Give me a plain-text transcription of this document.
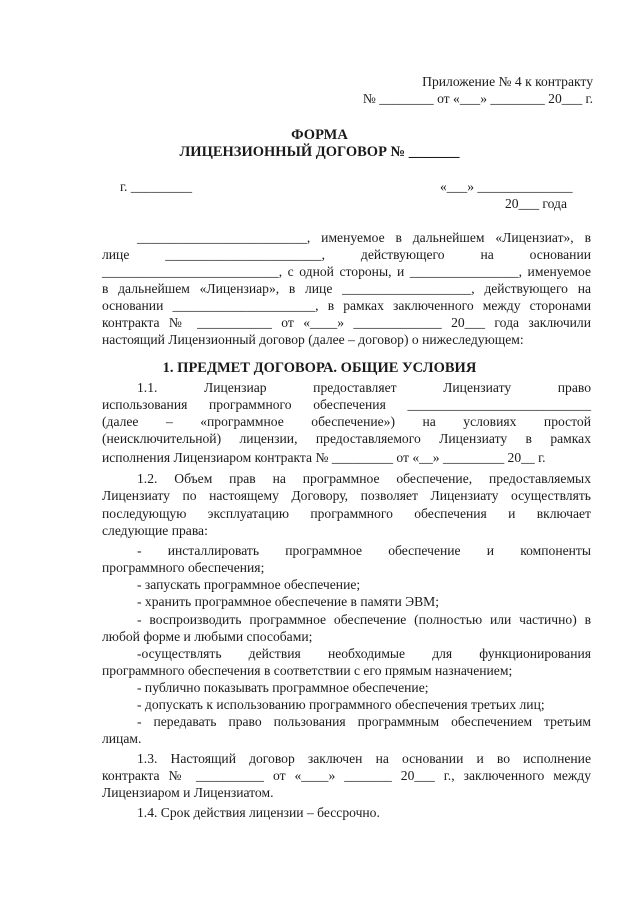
Приложение № 4 к контракту
№ ________ от «___» ________ 20___ г.
ФОРМА
ЛИЦЕНЗИОННЫЙ ДОГОВОР № _______
г. _________	«___» ______________
20___ года
_________________________, именуемое в дальнейшем «Лицензиат», в
лице _______________________, действующего на основании
__________________________, с одной стороны, и ________________, именуемое
в дальнейшем «Лицензиар», в лице ___________________, действующего на
основании _____________________, в рамках заключенного между сторонами
контракта № ___________ от «____» _____________ 20___ года заключили
настоящий Лицензионный договор (далее – договор) о нижеследующем:
1. ПРЕДМЕТ ДОГОВОРА. ОБЩИЕ УСЛОВИЯ
1.1. Лицензиар предоставляет Лицензиату право
использования программного обеспечения ___________________________
(далее – «программное обеспечение») на условиях простой
(неисключительной) лицензии, предоставляемого Лицензиату в рамках
исполнения Лицензиаром контракта № _________ от «__» _________ 20__ г.
1.2. Объем прав на программное обеспечение, предоставляемых
Лицензиату по настоящему Договору, позволяет Лицензиату осуществлять
последующую эксплуатацию программного обеспечения и включает
следующие права:
- инсталлировать программное обеспечение и компоненты
программного обеспечения;
- запускать программное обеспечение;
- хранить программное обеспечение в памяти ЭВМ;
- воспроизводить программное обеспечение (полностью или частично) в
любой форме и любыми способами;
-осуществлять действия необходимые для функционирования
программного обеспечения в соответствии с его прямым назначением;
- публично показывать программное обеспечение;
- допускать к использованию программного обеспечения третьих лиц;
- передавать право пользования программным обеспечением третьим
лицам.
1.3. Настоящий договор заключен на основании и во исполнение
контракта № __________ от «____» _______ 20___ г., заключенного между
Лицензиаром и Лицензиатом.
1.4. Срок действия лицензии – бессрочно.
